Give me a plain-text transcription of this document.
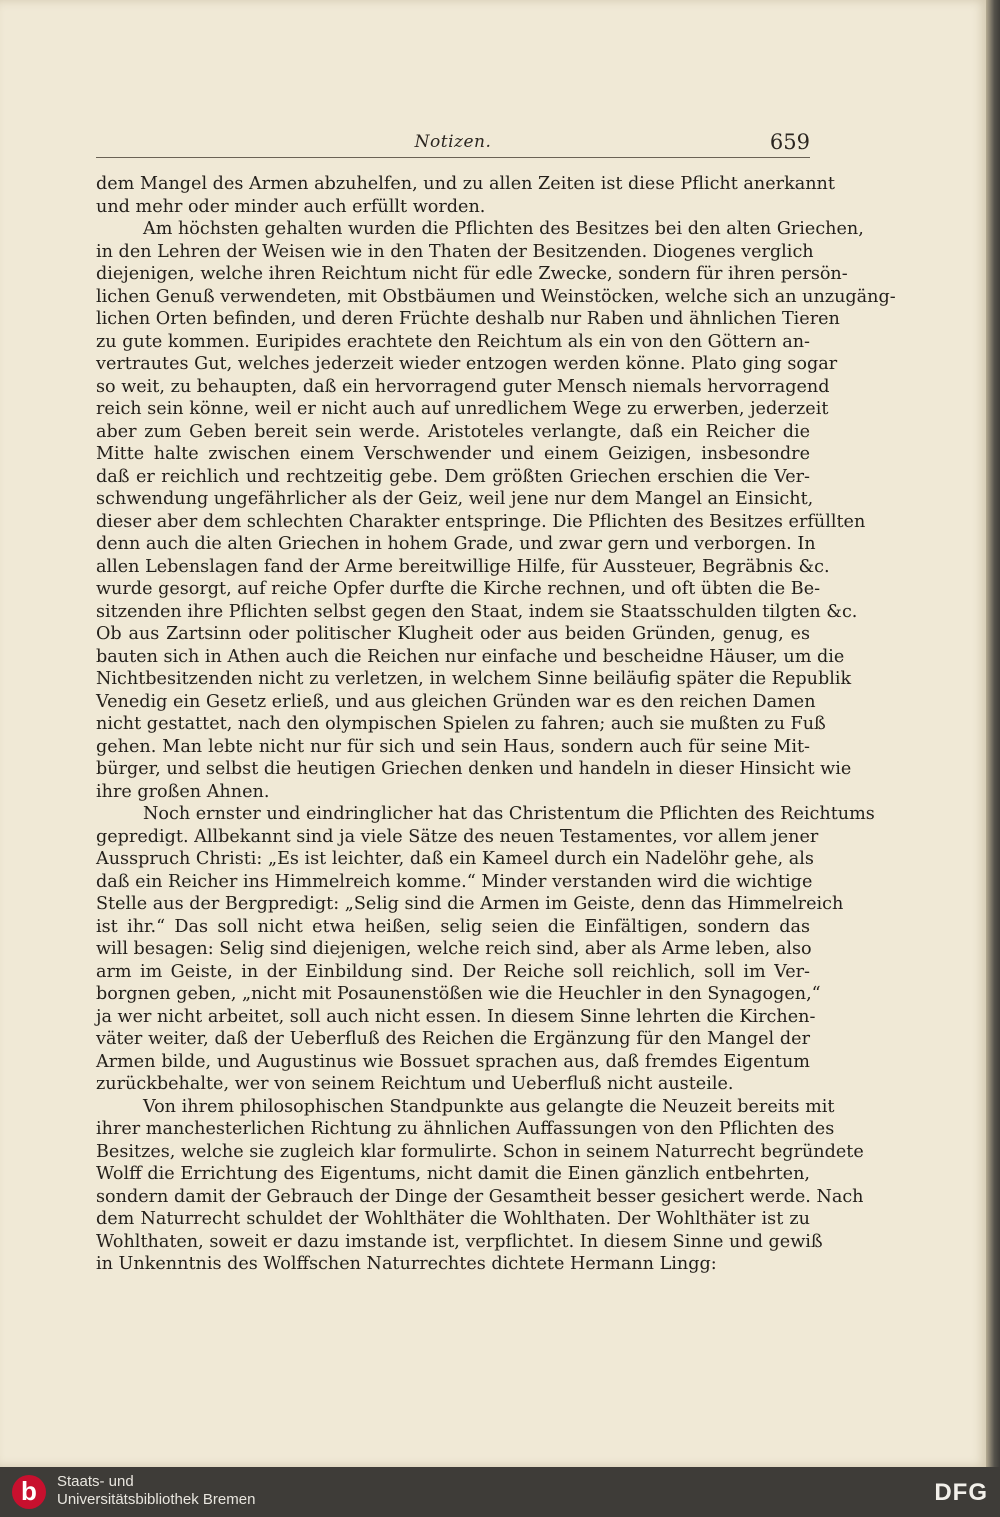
Notizen.	659
dem Mangel des Armen abzuhelfen, und zu allen Zeiten ist diese Pflicht anerkannt
und mehr oder minder auch erfüllt worden.
Am höchsten gehalten wurden die Pflichten des Besitzes bei den alten Griechen,
in den Lehren der Weisen wie in den Thaten der Besitzenden. Diogenes verglich
diejenigen, welche ihren Reichtum nicht für edle Zwecke, sondern für ihren persön-
lichen Genuß verwendeten, mit Obstbäumen und Weinstöcken, welche sich an unzugäng-
lichen Orten befinden, und deren Früchte deshalb nur Raben und ähnlichen Tieren
zu gute kommen. Euripides erachtete den Reichtum als ein von den Göttern an-
vertrautes Gut, welches jederzeit wieder entzogen werden könne. Plato ging sogar
so weit, zu behaupten, daß ein hervorragend guter Mensch niemals hervorragend
reich sein könne, weil er nicht auch auf unredlichem Wege zu erwerben, jederzeit
aber zum Geben bereit sein werde. Aristoteles verlangte, daß ein Reicher die
Mitte halte zwischen einem Verschwender und einem Geizigen, insbesondre
daß er reichlich und rechtzeitig gebe. Dem größten Griechen erschien die Ver-
schwendung ungefährlicher als der Geiz, weil jene nur dem Mangel an Einsicht,
dieser aber dem schlechten Charakter entspringe. Die Pflichten des Besitzes erfüllten
denn auch die alten Griechen in hohem Grade, und zwar gern und verborgen. In
allen Lebenslagen fand der Arme bereitwillige Hilfe, für Aussteuer, Begräbnis &c.
wurde gesorgt, auf reiche Opfer durfte die Kirche rechnen, und oft übten die Be-
sitzenden ihre Pflichten selbst gegen den Staat, indem sie Staatsschulden tilgten &c.
Ob aus Zartsinn oder politischer Klugheit oder aus beiden Gründen, genug, es
bauten sich in Athen auch die Reichen nur einfache und bescheidne Häuser, um die
Nichtbesitzenden nicht zu verletzen, in welchem Sinne beiläufig später die Republik
Venedig ein Gesetz erließ, und aus gleichen Gründen war es den reichen Damen
nicht gestattet, nach den olympischen Spielen zu fahren; auch sie mußten zu Fuß
gehen. Man lebte nicht nur für sich und sein Haus, sondern auch für seine Mit-
bürger, und selbst die heutigen Griechen denken und handeln in dieser Hinsicht wie
ihre großen Ahnen.
Noch ernster und eindringlicher hat das Christentum die Pflichten des Reichtums
gepredigt. Allbekannt sind ja viele Sätze des neuen Testamentes, vor allem jener
Ausspruch Christi: „Es ist leichter, daß ein Kameel durch ein Nadelöhr gehe, als
daß ein Reicher ins Himmelreich komme.“ Minder verstanden wird die wichtige
Stelle aus der Bergpredigt: „Selig sind die Armen im Geiste, denn das Himmelreich
ist ihr.“ Das soll nicht etwa heißen, selig seien die Einfältigen, sondern das
will besagen: Selig sind diejenigen, welche reich sind, aber als Arme leben, also
arm im Geiste, in der Einbildung sind. Der Reiche soll reichlich, soll im Ver-
borgnen geben, „nicht mit Posaunenstößen wie die Heuchler in den Synagogen,“
ja wer nicht arbeitet, soll auch nicht essen. In diesem Sinne lehrten die Kirchen-
väter weiter, daß der Ueberfluß des Reichen die Ergänzung für den Mangel der
Armen bilde, und Augustinus wie Bossuet sprachen aus, daß fremdes Eigentum
zurückbehalte, wer von seinem Reichtum und Ueberfluß nicht austeile.
Von ihrem philosophischen Standpunkte aus gelangte die Neuzeit bereits mit
ihrer manchesterlichen Richtung zu ähnlichen Auffassungen von den Pflichten des
Besitzes, welche sie zugleich klar formulirte. Schon in seinem Naturrecht begründete
Wolff die Errichtung des Eigentums, nicht damit die Einen gänzlich entbehrten,
sondern damit der Gebrauch der Dinge der Gesamtheit besser gesichert werde. Nach
dem Naturrecht schuldet der Wohlthäter die Wohlthaten. Der Wohlthäter ist zu
Wohlthaten, soweit er dazu imstande ist, verpflichtet. In diesem Sinne und gewiß
in Unkenntnis des Wolffschen Naturrechtes dichtete Hermann Lingg:
b	Staats- und
Universitätsbibliothek Bremen	DFG
